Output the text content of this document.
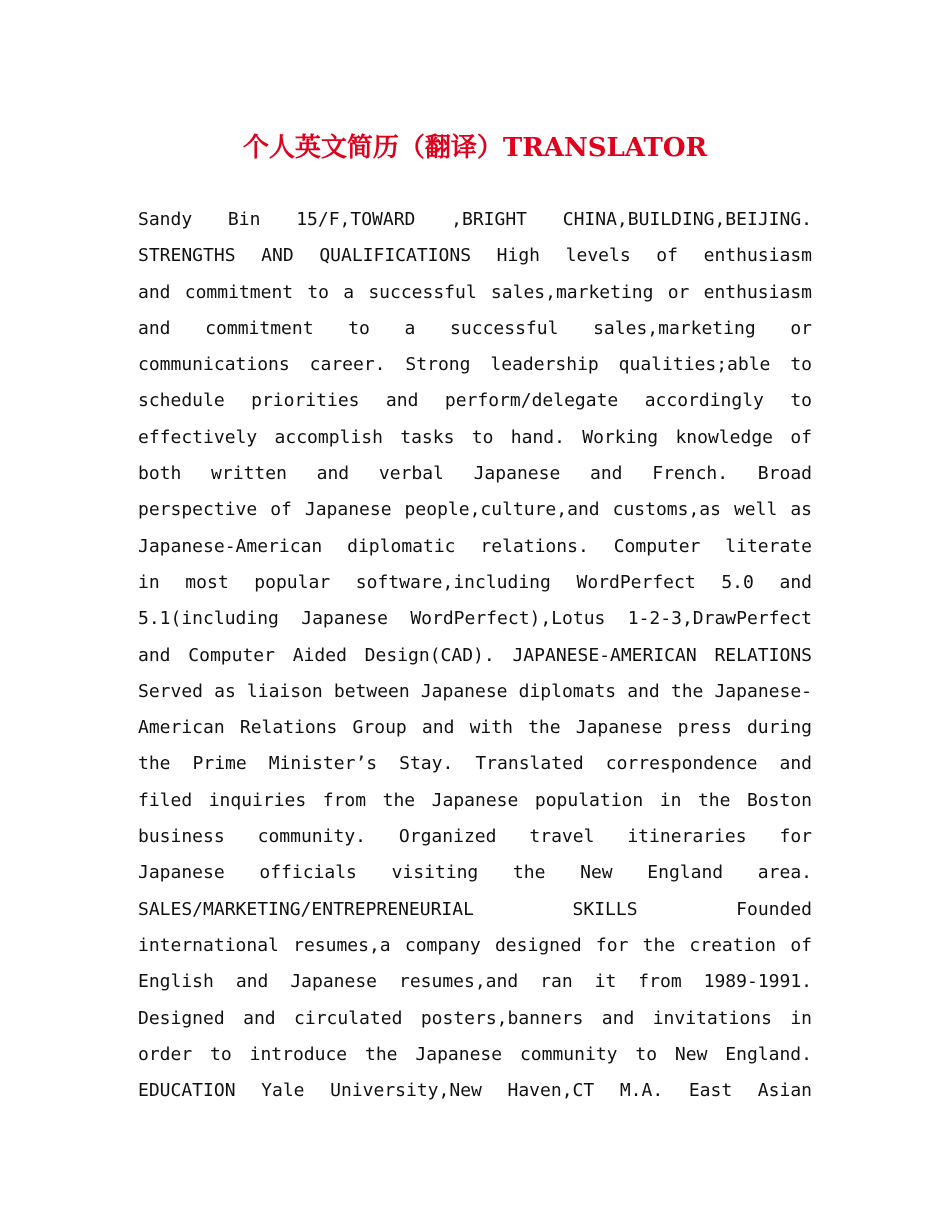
个人英文简历（翻译）TRANSLATOR
Sandy Bin 15/F,TOWARD ,BRIGHT CHINA,BUILDING,BEIJING.
STRENGTHS AND QUALIFICATIONS High levels of enthusiasm
and commitment to a successful sales,marketing or enthusiasm
and commitment to a successful sales,marketing or
communications career. Strong leadership qualities;able to
schedule priorities and perform/delegate accordingly to
effectively accomplish tasks to hand. Working knowledge of
both written and verbal Japanese and French. Broad
perspective of Japanese people,culture,and customs,as well as
Japanese-American diplomatic relations. Computer literate
in most popular software,including WordPerfect 5.0 and
5.1(including Japanese WordPerfect),Lotus 1-2-3,DrawPerfect
and Computer Aided Design(CAD). JAPANESE-AMERICAN RELATIONS
Served as liaison between Japanese diplomats and the Japanese-
American Relations Group and with the Japanese press during
the Prime Minister’s Stay. Translated correspondence and
filed inquiries from the Japanese population in the Boston
business community. Organized travel itineraries for
Japanese officials visiting the New England area.
SALES/MARKETING/ENTREPRENEURIAL SKILLS Founded
international resumes,a company designed for the creation of
English and Japanese resumes,and ran it from 1989-1991.
Designed and circulated posters,banners and invitations in
order to introduce the Japanese community to New England.
EDUCATION Yale University,New Haven,CT M.A. East Asian
